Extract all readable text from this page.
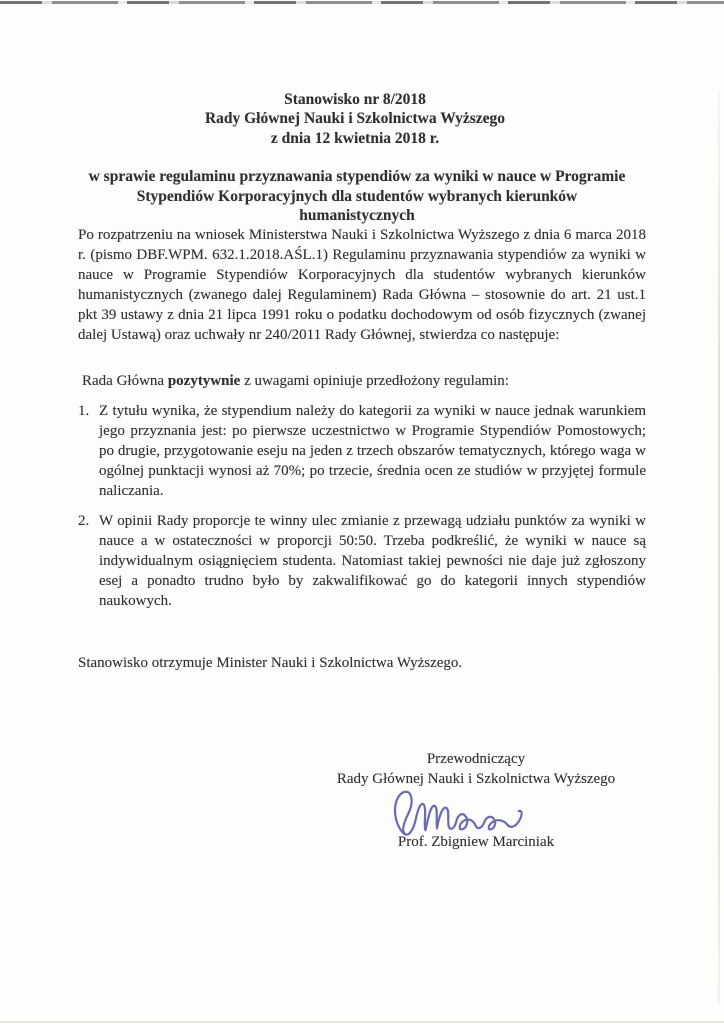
Stanowisko nr 8/2018
Rady Głównej Nauki i Szkolnictwa Wyższego
z dnia 12 kwietnia 2018 r.
w sprawie regulaminu przyznawania stypendiów za wyniki w nauce w Programie Stypendiów Korporacyjnych dla studentów wybranych kierunków humanistycznych

Po rozpatrzeniu na wniosek Ministerstwa Nauki i Szkolnictwa Wyższego z dnia 6 marca 2018 r. (pismo DBF.WPM. 632.1.2018.AŚL.1) Regulaminu przyznawania stypendiów za wyniki w nauce w Programie Stypendiów Korporacyjnych dla studentów wybranych kierunków humanistycznych (zwanego dalej Regulaminem) Rada Główna – stosownie do art. 21 ust.1 pkt 39 ustawy z dnia 21 lipca 1991 roku o podatku dochodowym od osób fizycznych (zwanej dalej Ustawą) oraz uchwały nr 240/2011 Rady Głównej, stwierdza co następuje:

Rada Główna pozytywnie z uwagami opiniuje przedłożony regulamin:

1. Z tytułu wynika, że stypendium należy do kategorii za wyniki w nauce jednak warunkiem jego przyznania jest: po pierwsze uczestnictwo w Programie Stypendiów Pomostowych; po drugie, przygotowanie eseju na jeden z trzech obszarów tematycznych, którego waga w ogólnej punktacji wynosi aż 70%; po trzecie, średnia ocen ze studiów w przyjętej formule naliczania.
2. W opinii Rady proporcje te winny ulec zmianie z przewagą udziału punktów za wyniki w nauce a w ostateczności w proporcji 50:50. Trzeba podkreślić, że wyniki w nauce są indywidualnym osiągnięciem studenta. Natomiast takiej pewności nie daje już zgłoszony esej a ponadto trudno było by zakwalifikować go do kategorii innych stypendiów naukowych.

Stanowisko otrzymuje Minister Nauki i Szkolnictwa Wyższego.

Przewodniczący
Rady Głównej Nauki i Szkolnictwa Wyższego
Prof. Zbigniew Marciniak
